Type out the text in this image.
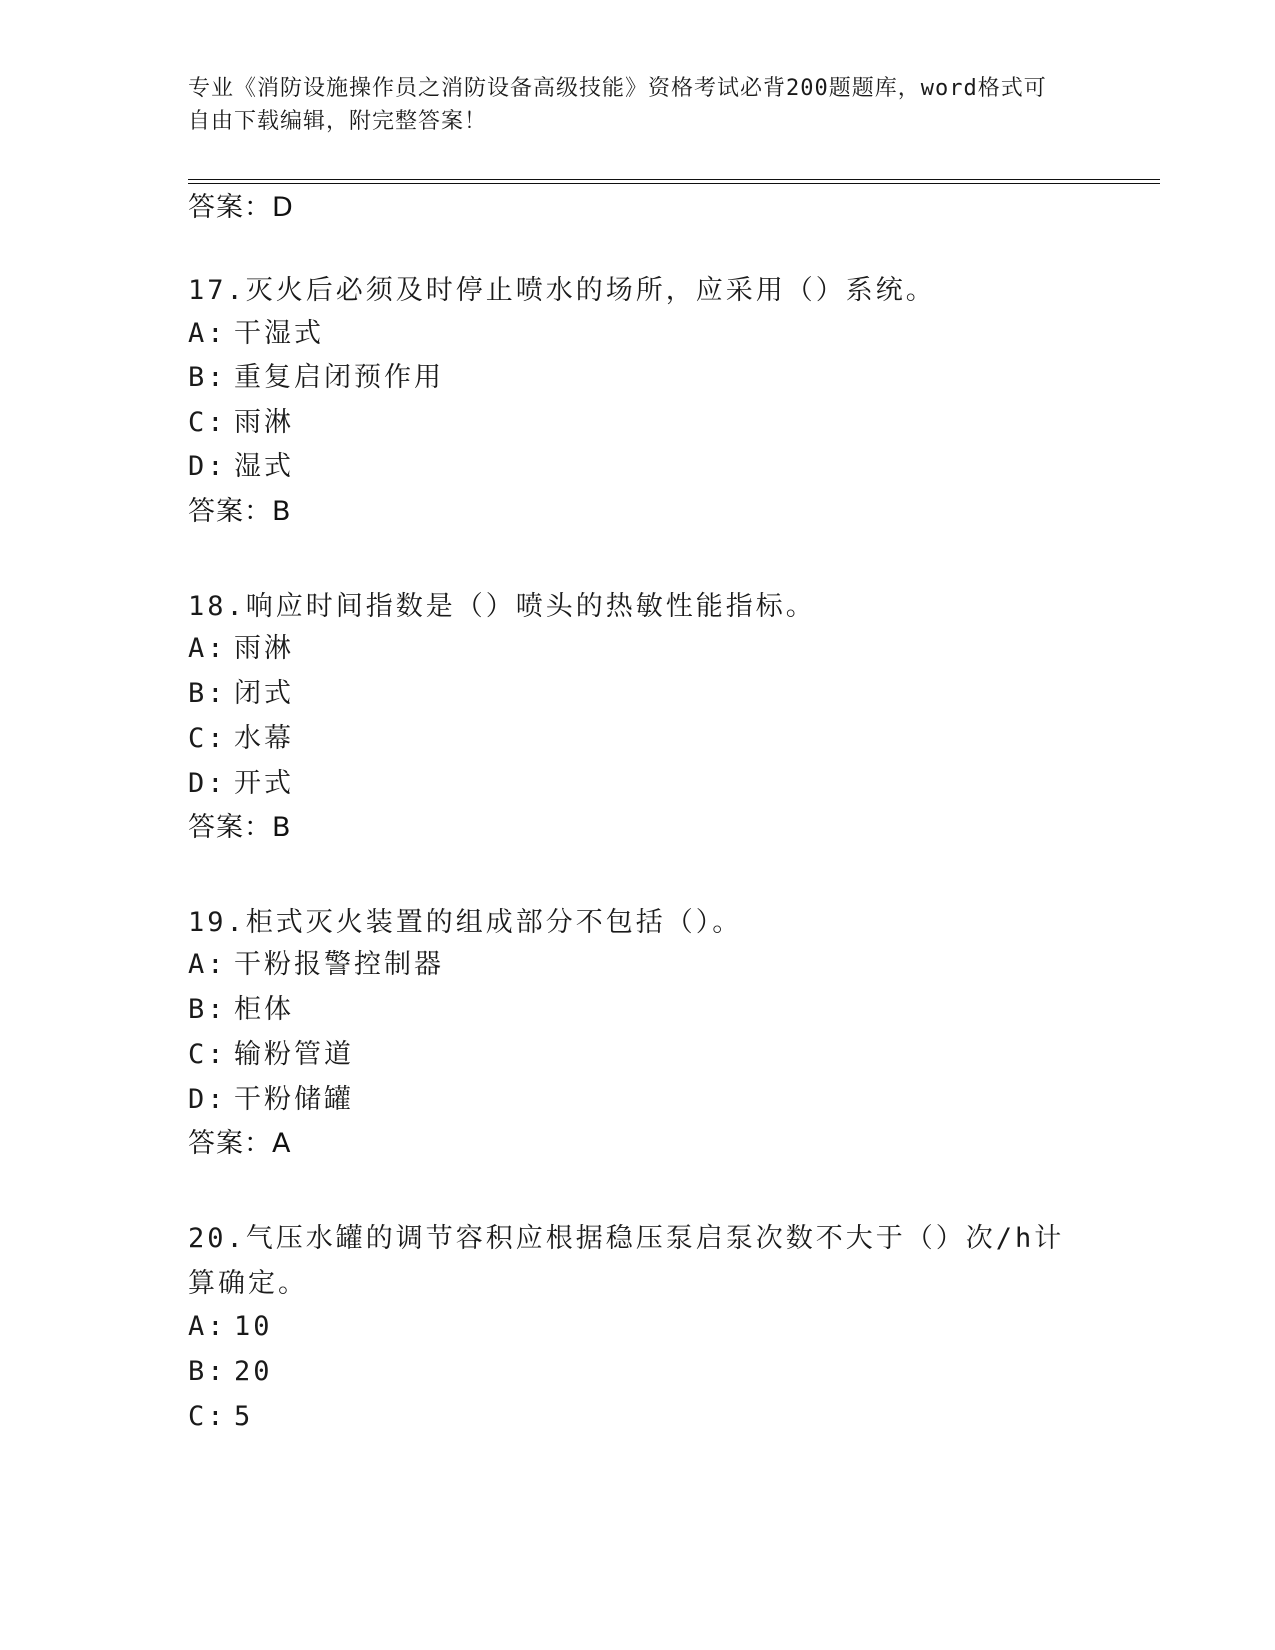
专业《消防设施操作员之消防设备高级技能》资格考试必背200题题库，word格式可自由下载编辑，附完整答案！
答案：D
17.灭火后必须及时停止喷水的场所，应采用（）系统。
A: 干湿式
B: 重复启闭预作用
C: 雨淋
D: 湿式
答案：B
18.响应时间指数是（）喷头的热敏性能指标。
A: 雨淋
B: 闭式
C: 水幕
D: 开式
答案：B
19.柜式灭火装置的组成部分不包括（）。
A: 干粉报警控制器
B: 柜体
C: 输粉管道
D: 干粉储罐
答案：A
20.气压水罐的调节容积应根据稳压泵启泵次数不大于（）次/h计算确定。
A: 10
B: 20
C: 5
